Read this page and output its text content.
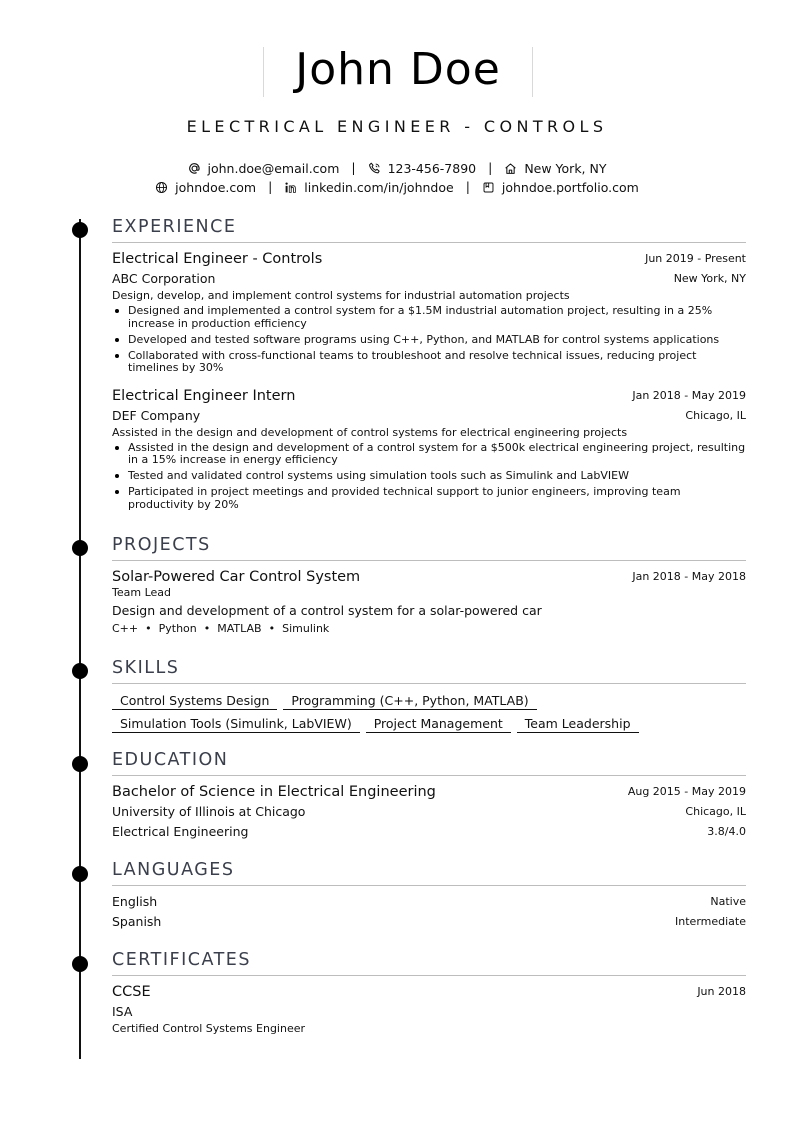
John Doe
ELECTRICAL ENGINEER - CONTROLS
john.doe@email.com |	123-456-7890 |	New York, NY
johndoe.com |	linkedin.com/in/johndoe |	johndoe.portfolio.com
EXPERIENCE
Electrical Engineer - Controls	Jun 2019 - Present
ABC Corporation	New York, NY
Design, develop, and implement control systems for industrial automation projects
Designed and implemented a control system for a $1.5M industrial automation project, resulting in a 25% increase in production efficiency
Developed and tested software programs using C++, Python, and MATLAB for control systems applications
Collaborated with cross-functional teams to troubleshoot and resolve technical issues, reducing project timelines by 30%
Electrical Engineer Intern	Jan 2018 - May 2019
DEF Company	Chicago, IL
Assisted in the design and development of control systems for electrical engineering projects
Assisted in the design and development of a control system for a $500k electrical engineering project, resulting in a 15% increase in energy efficiency
Tested and validated control systems using simulation tools such as Simulink and LabVIEW
Participated in project meetings and provided technical support to junior engineers, improving team productivity by 20%
PROJECTS
Solar-Powered Car Control System	Jan 2018 - May 2018
Team Lead
Design and development of a control system for a solar-powered car
C++ • Python • MATLAB • Simulink
SKILLS
Control Systems Design Programming (C++, Python, MATLAB)
Simulation Tools (Simulink, LabVIEW) Project Management Team Leadership
EDUCATION
Bachelor of Science in Electrical Engineering	Aug 2015 - May 2019
University of Illinois at Chicago	Chicago, IL
Electrical Engineering	3.8/4.0
LANGUAGES
English	Native
Spanish	Intermediate
CERTIFICATES
CCSE	Jun 2018
ISA
Certified Control Systems Engineer
